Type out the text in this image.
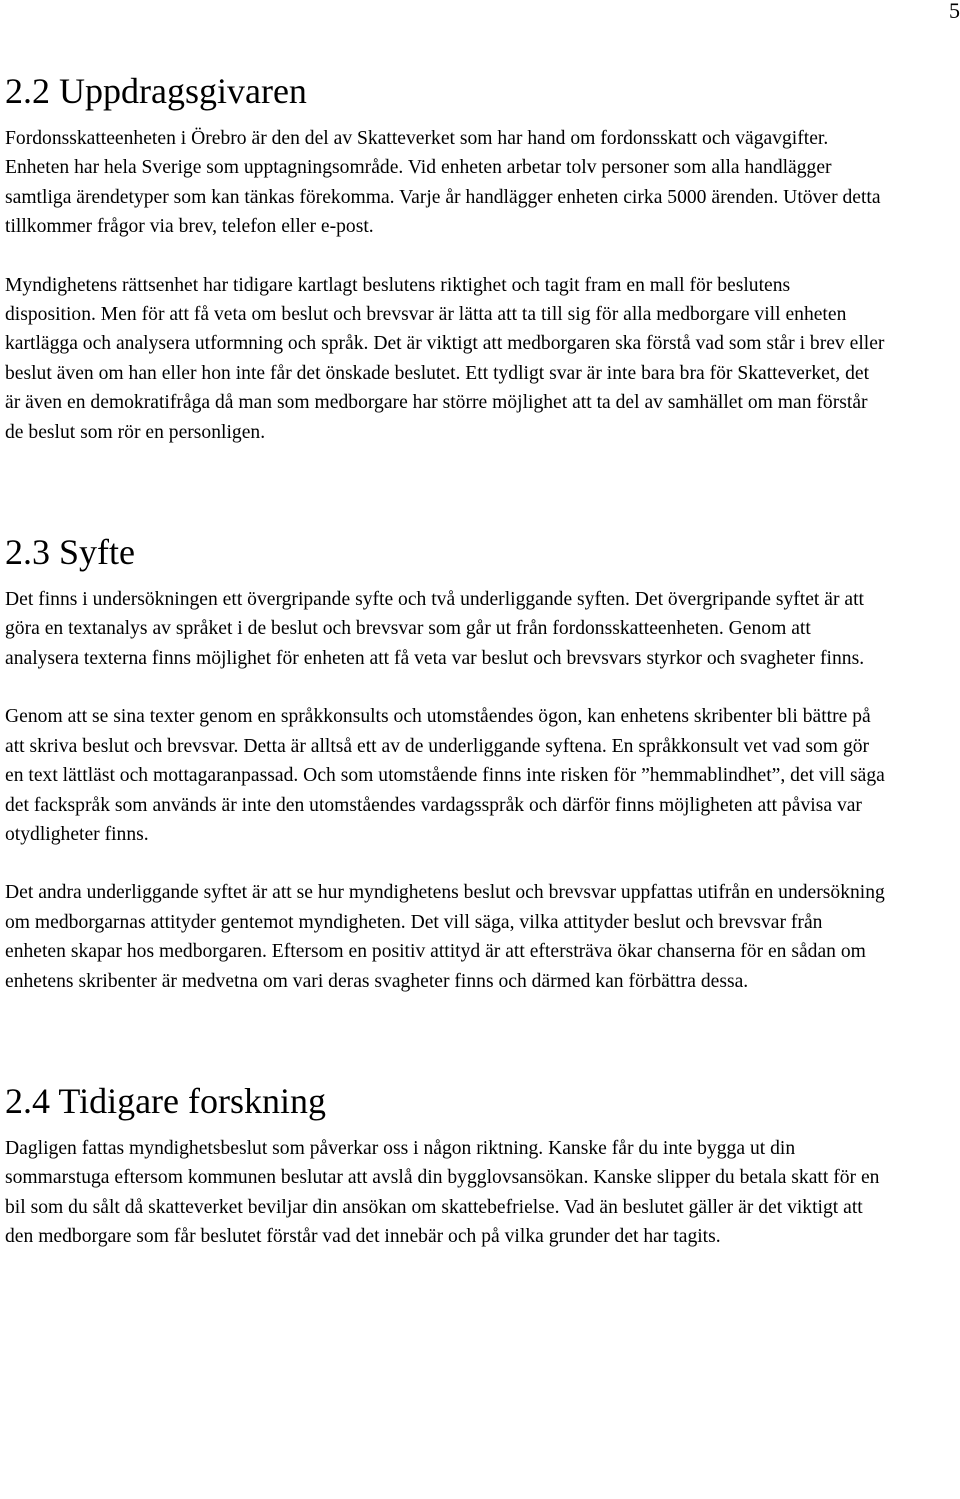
5
2.2 Uppdragsgivaren

Fordonsskatteenheten i Örebro är den del av Skatteverket som har hand om fordonsskatt och vägavgifter. Enheten har hela Sverige som upptagningsområde. Vid enheten arbetar tolv personer som alla handlägger samtliga ärendetyper som kan tänkas förekomma. Varje år handlägger enheten cirka 5000 ärenden. Utöver detta tillkommer frågor via brev, telefon eller e-post.

Myndighetens rättsenhet har tidigare kartlagt beslutens riktighet och tagit fram en mall för beslutens disposition. Men för att få veta om beslut och brevsvar är lätta att ta till sig för alla medborgare vill enheten kartlägga och analysera utformning och språk. Det är viktigt att medborgaren ska förstå vad som står i brev eller beslut även om han eller hon inte får det önskade beslutet. Ett tydligt svar är inte bara bra för Skatteverket, det är även en demokratifråga då man som medborgare har större möjlighet att ta del av samhället om man förstår de beslut som rör en personligen.

2.3 Syfte

Det finns i undersökningen ett övergripande syfte och två underliggande syften. Det övergripande syftet är att göra en textanalys av språket i de beslut och brevsvar som går ut från fordonsskatteenheten. Genom att analysera texterna finns möjlighet för enheten att få veta var beslut och brevsvars styrkor och svagheter finns.

Genom att se sina texter genom en språkkonsults och utomståendes ögon, kan enhetens skribenter bli bättre på att skriva beslut och brevsvar. Detta är alltså ett av de underliggande syftena. En språkkonsult vet vad som gör en text lättläst och mottagaranpassad. Och som utomstående finns inte risken för ”hemmablindhet”, det vill säga det fackspråk som används är inte den utomståendes vardagsspråk och därför finns möjligheten att påvisa var otydligheter finns.

Det andra underliggande syftet är att se hur myndighetens beslut och brevsvar uppfattas utifrån en undersökning om medborgarnas attityder gentemot myndigheten. Det vill säga, vilka attityder beslut och brevsvar från enheten skapar hos medborgaren. Eftersom en positiv attityd är att eftersträva ökar chanserna för en sådan om enhetens skribenter är medvetna om vari deras svagheter finns och därmed kan förbättra dessa.

2.4 Tidigare forskning

Dagligen fattas myndighetsbeslut som påverkar oss i någon riktning. Kanske får du inte bygga ut din sommarstuga eftersom kommunen beslutar att avslå din bygglovsansökan. Kanske slipper du betala skatt för en bil som du sålt då skatteverket beviljar din ansökan om skattebefrielse. Vad än beslutet gäller är det viktigt att den medborgare som får beslutet förstår vad det innebär och på vilka grunder det har tagits.
